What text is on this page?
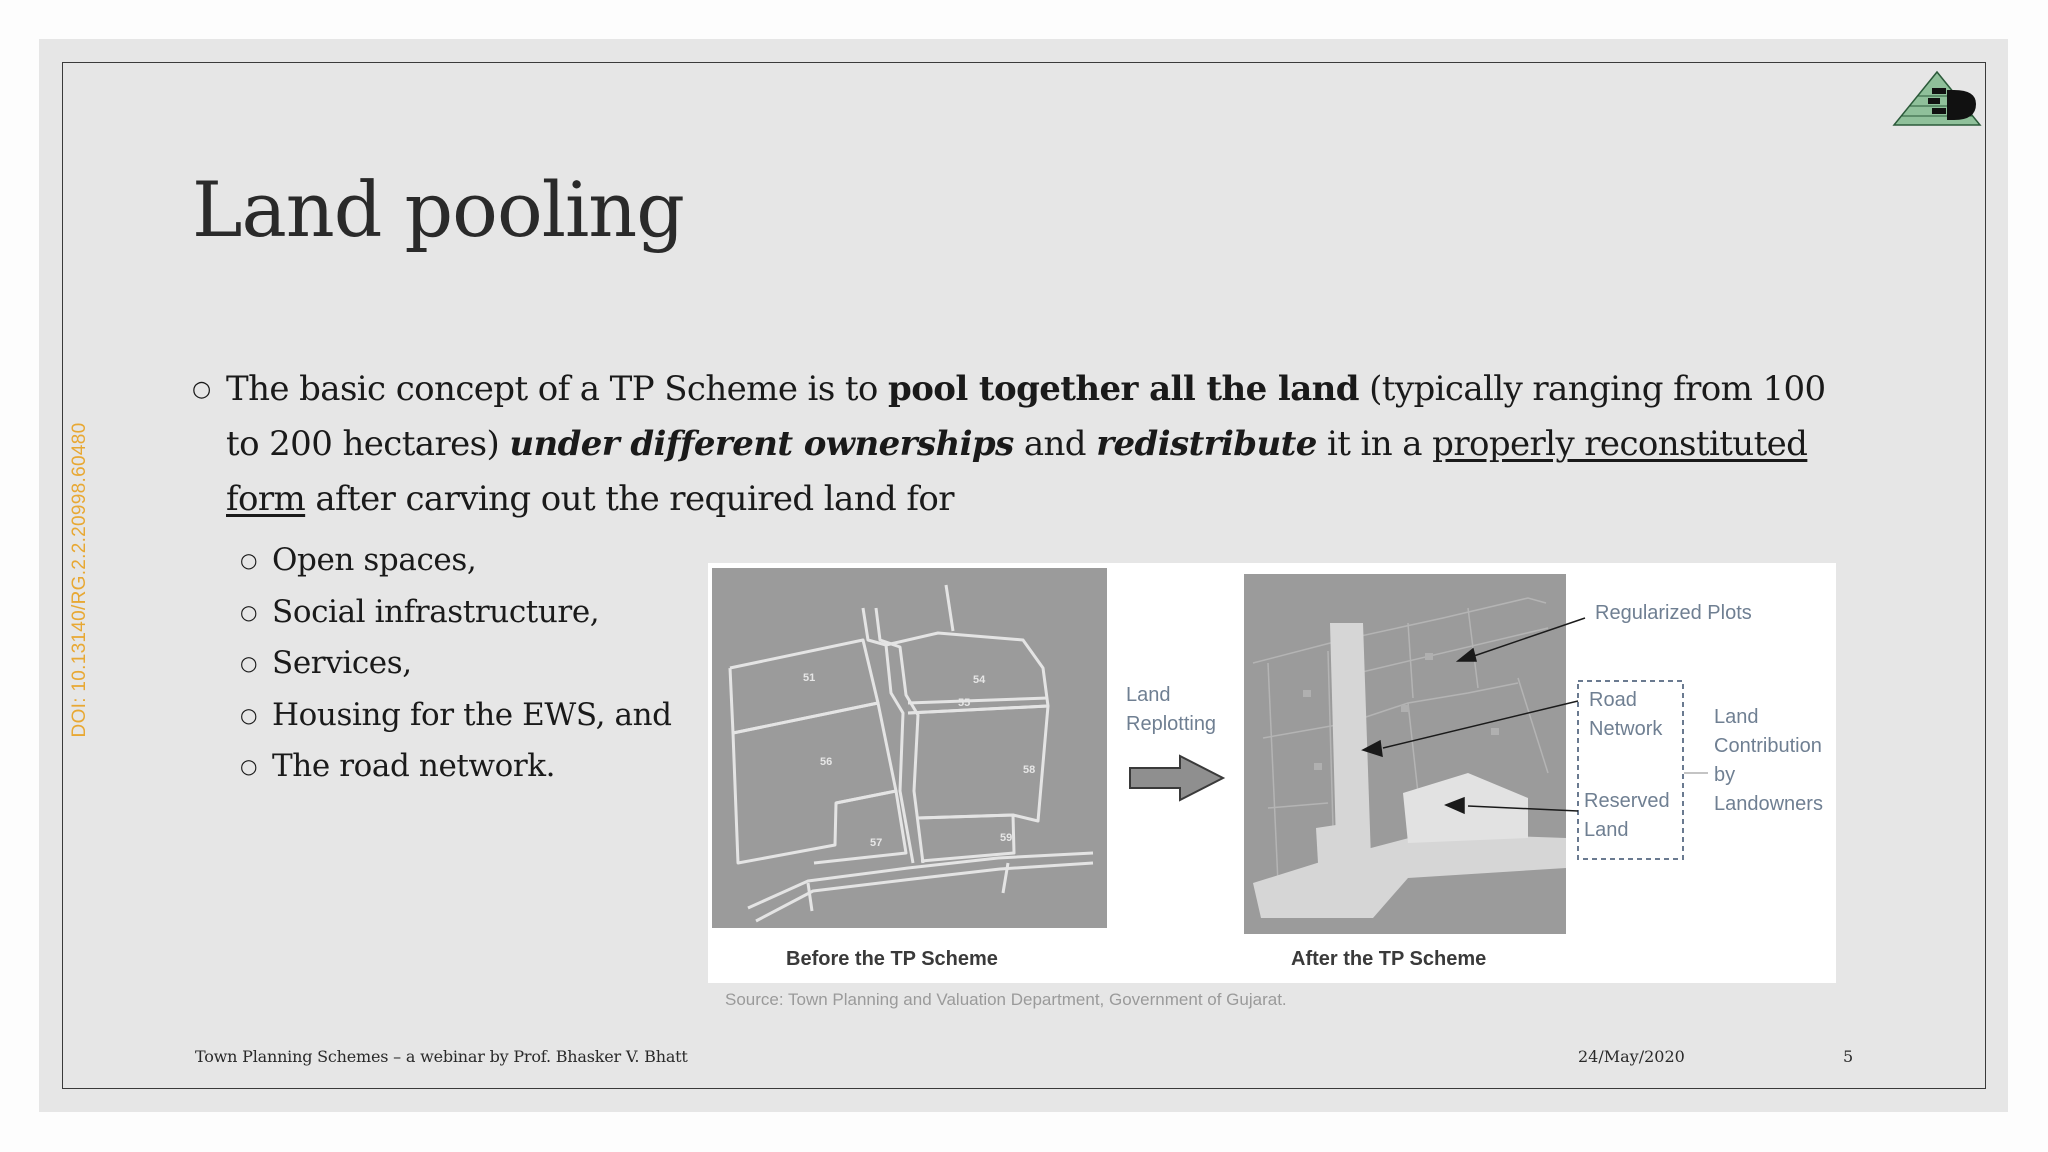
DOI: 10.13140/RG.2.2.20998.60480
Land pooling
○ The basic concept of a TP Scheme is to pool together all the land (typically ranging from 100 to 200 hectares) under different ownerships and redistribute it in a properly reconstituted form after carving out the required land for
○ Open spaces,
○ Social infrastructure,
○ Services,
○ Housing for the EWS, and
○ The road network.
51	54
55
56
58
57	59
Before the TP Scheme
Land
Replotting
After the TP Scheme
Regularized Plots
Road
Network
Reserved
Land
Land
Contribution
by
Landowners
Source: Town Planning and Valuation Department, Government of Gujarat.
Town Planning Schemes – a webinar by Prof. Bhasker V. Bhatt	24/May/2020	5
